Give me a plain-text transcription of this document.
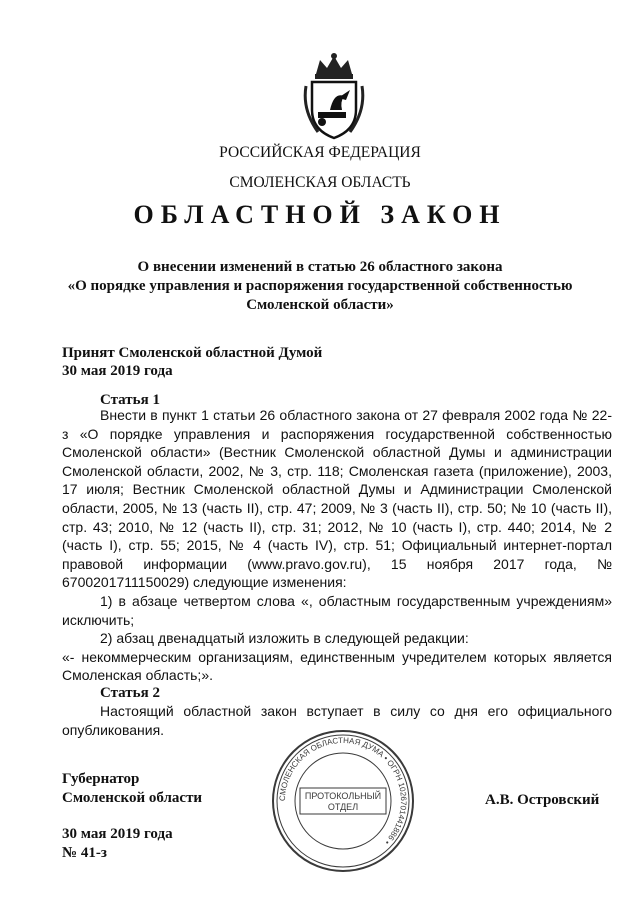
РОССИЙСКАЯ ФЕДЕРАЦИЯ
СМОЛЕНСКАЯ ОБЛАСТЬ
ОБЛАСТНОЙ ЗАКОН
О внесении изменений в статью 26 областного закона
«О порядке управления и распоряжения государственной собственностью
Смоленской области»
Принят Смоленской областной Думой
30 мая 2019 года
Статья 1

Внести в пункт 1 статьи 26 областного закона от 27 февраля 2002 года № 22-з «О порядке управления и распоряжения государственной собственностью Смоленской области» (Вестник Смоленской областной Думы и администрации Смоленской области, 2002, № 3, стр. 118; Смоленская газета (приложение), 2003, 17 июля; Вестник Смоленской областной Думы и Администрации Смоленской области, 2005, № 13 (часть II), стр. 47; 2009, № 3 (часть II), стр. 50; № 10 (часть II), стр. 43; 2010, № 12 (часть II), стр. 31; 2012, № 10 (часть I), стр. 440; 2014, № 2 (часть I), стр. 55; 2015, № 4 (часть IV), стр. 51; Официальный интернет-портал правовой информации (www.pravo.gov.ru), 15 ноября 2017 года, № 6700201711150029) следующие изменения:

1) в абзаце четвертом слова «, областным государственным учреждениям» исключить;

2) абзац двенадцатый изложить в следующей редакции:

«- некоммерческим организациям, единственным учредителем которых является Смоленская область;».

Статья 2

Настоящий областной закон вступает в силу со дня его официального опубликования.

Губернатор
Смоленской области	СМОЛЕНСКАЯ ОБЛАСТНАЯ ДУМА • ОГРН 1026701441886 •
ПРОТОКОЛЬНЫЙ
ОТДЕЛ	А.В. Островский
30 мая 2019 года
№ 41-з
